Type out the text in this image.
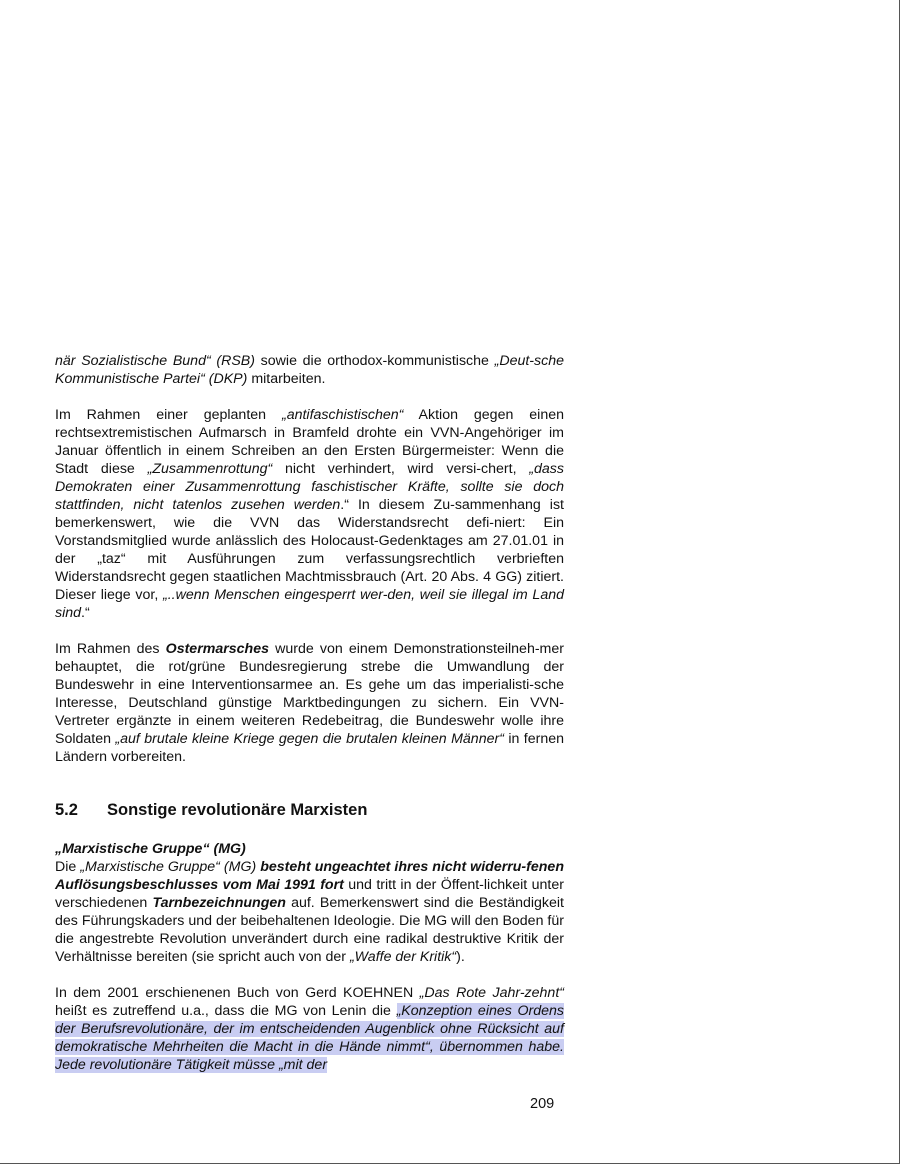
när Sozialistische Bund“ (RSB) sowie die orthodox-kommunistische „Deut-sche Kommunistische Partei“ (DKP) mitarbeiten.

Im Rahmen einer geplanten „antifaschistischen“ Aktion gegen einen rechtsextremistischen Aufmarsch in Bramfeld drohte ein VVN-Angehöriger im Januar öffentlich in einem Schreiben an den Ersten Bürgermeister: Wenn die Stadt diese „Zusammenrottung“ nicht verhindert, wird versi-chert, „dass Demokraten einer Zusammenrottung faschistischer Kräfte, sollte sie doch stattfinden, nicht tatenlos zusehen werden.“ In diesem Zu-sammenhang ist bemerkenswert, wie die VVN das Widerstandsrecht defi-niert: Ein Vorstandsmitglied wurde anlässlich des Holocaust-Gedenktages am 27.01.01 in der „taz“ mit Ausführungen zum verfassungsrechtlich verbrieften Widerstandsrecht gegen staatlichen Machtmissbrauch (Art. 20 Abs. 4 GG) zitiert. Dieser liege vor, „..wenn Menschen eingesperrt wer-den, weil sie illegal im Land sind.“

Im Rahmen des Ostermarsches wurde von einem Demonstrationsteilneh-mer behauptet, die rot/grüne Bundesregierung strebe die Umwandlung der Bundeswehr in eine Interventionsarmee an. Es gehe um das imperialisti-sche Interesse, Deutschland günstige Marktbedingungen zu sichern. Ein VVN-Vertreter ergänzte in einem weiteren Redebeitrag, die Bundeswehr wolle ihre Soldaten „auf brutale kleine Kriege gegen die brutalen kleinen Männer“ in fernen Ländern vorbereiten.

5.2 Sonstige revolutionäre Marxisten

„Marxistische Gruppe“ (MG)

Die „Marxistische Gruppe“ (MG) besteht ungeachtet ihres nicht widerru-fenen Auflösungsbeschlusses vom Mai 1991 fort und tritt in der Öffent-lichkeit unter verschiedenen Tarnbezeichnungen auf. Bemerkenswert sind die Beständigkeit des Führungskaders und der beibehaltenen Ideologie. Die MG will den Boden für die angestrebte Revolution unverändert durch eine radikal destruktive Kritik der Verhältnisse bereiten (sie spricht auch von der „Waffe der Kritik“).

In dem 2001 erschienenen Buch von Gerd KOEHNEN „Das Rote Jahr-zehnt“ heißt es zutreffend u.a., dass die MG von Lenin die „Konzeption eines Ordens der Berufsrevolutionäre, der im entscheidenden Augenblick ohne Rücksicht auf demokratische Mehrheiten die Macht in die Hände nimmt“, übernommen habe. Jede revolutionäre Tätigkeit müsse „mit der

209
